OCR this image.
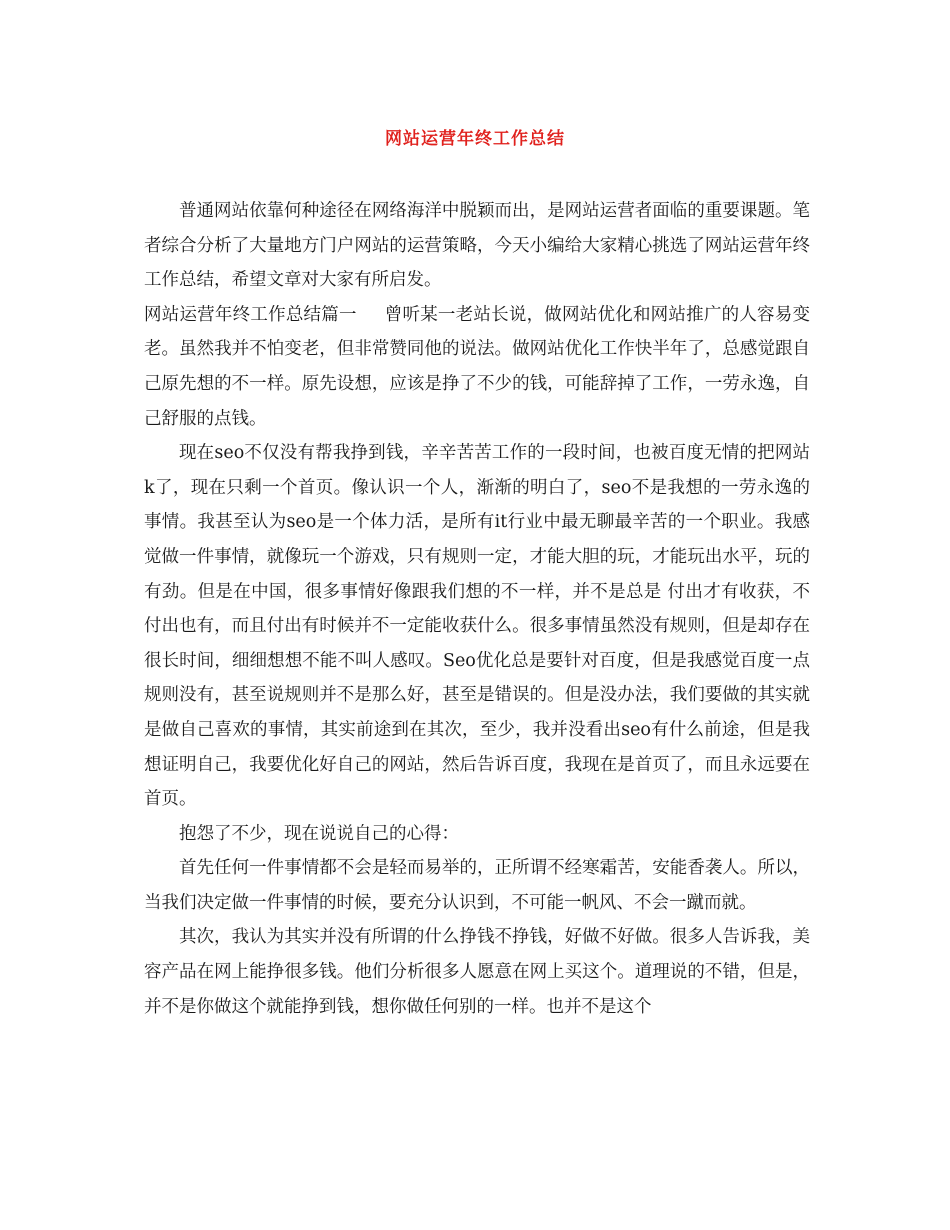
网站运营年终工作总结

普通网站依靠何种途径在网络海洋中脱颖而出，是网站运营者面临的重要课题。笔者综合分析了大量地方门户网站的运营策略，今天小编给大家精心挑选了网站运营年终工作总结，希望文章对大家有所启发。

网站运营年终工作总结篇一 曾听某一老站长说，做网站优化和网站推广的人容易变老。虽然我并不怕变老，但非常赞同他的说法。做网站优化工作快半年了，总感觉跟自己原先想的不一样。原先设想，应该是挣了不少的钱，可能辞掉了工作，一劳永逸，自己舒服的点钱。

现在seo不仅没有帮我挣到钱，辛辛苦苦工作的一段时间，也被百度无情的把网站k了，现在只剩一个首页。像认识一个人，渐渐的明白了，seo不是我想的一劳永逸的事情。我甚至认为seo是一个体力活，是所有it行业中最无聊最辛苦的一个职业。我感觉做一件事情，就像玩一个游戏，只有规则一定，才能大胆的玩，才能玩出水平，玩的有劲。但是在中国，很多事情好像跟我们想的不一样，并不是总是 付出才有收获，不付出也有，而且付出有时候并不一定能收获什么。很多事情虽然没有规则，但是却存在很长时间，细细想想不能不叫人感叹。Seo优化总是要针对百度，但是我感觉百度一点规则没有，甚至说规则并不是那么好，甚至是错误的。但是没办法，我们要做的其实就是做自己喜欢的事情，其实前途到在其次，至少，我并没看出seo有什么前途，但是我想证明自己，我要优化好自己的网站，然后告诉百度，我现在是首页了，而且永远要在首页。

抱怨了不少，现在说说自己的心得：

首先任何一件事情都不会是轻而易举的，正所谓不经寒霜苦，安能香袭人。所以，当我们决定做一件事情的时候，要充分认识到，不可能一帆风、不会一蹴而就。

其次，我认为其实并没有所谓的什么挣钱不挣钱，好做不好做。很多人告诉我，美容产品在网上能挣很多钱。他们分析很多人愿意在网上买这个。道理说的不错，但是，并不是你做这个就能挣到钱，想你做任何别的一样。也并不是这个
